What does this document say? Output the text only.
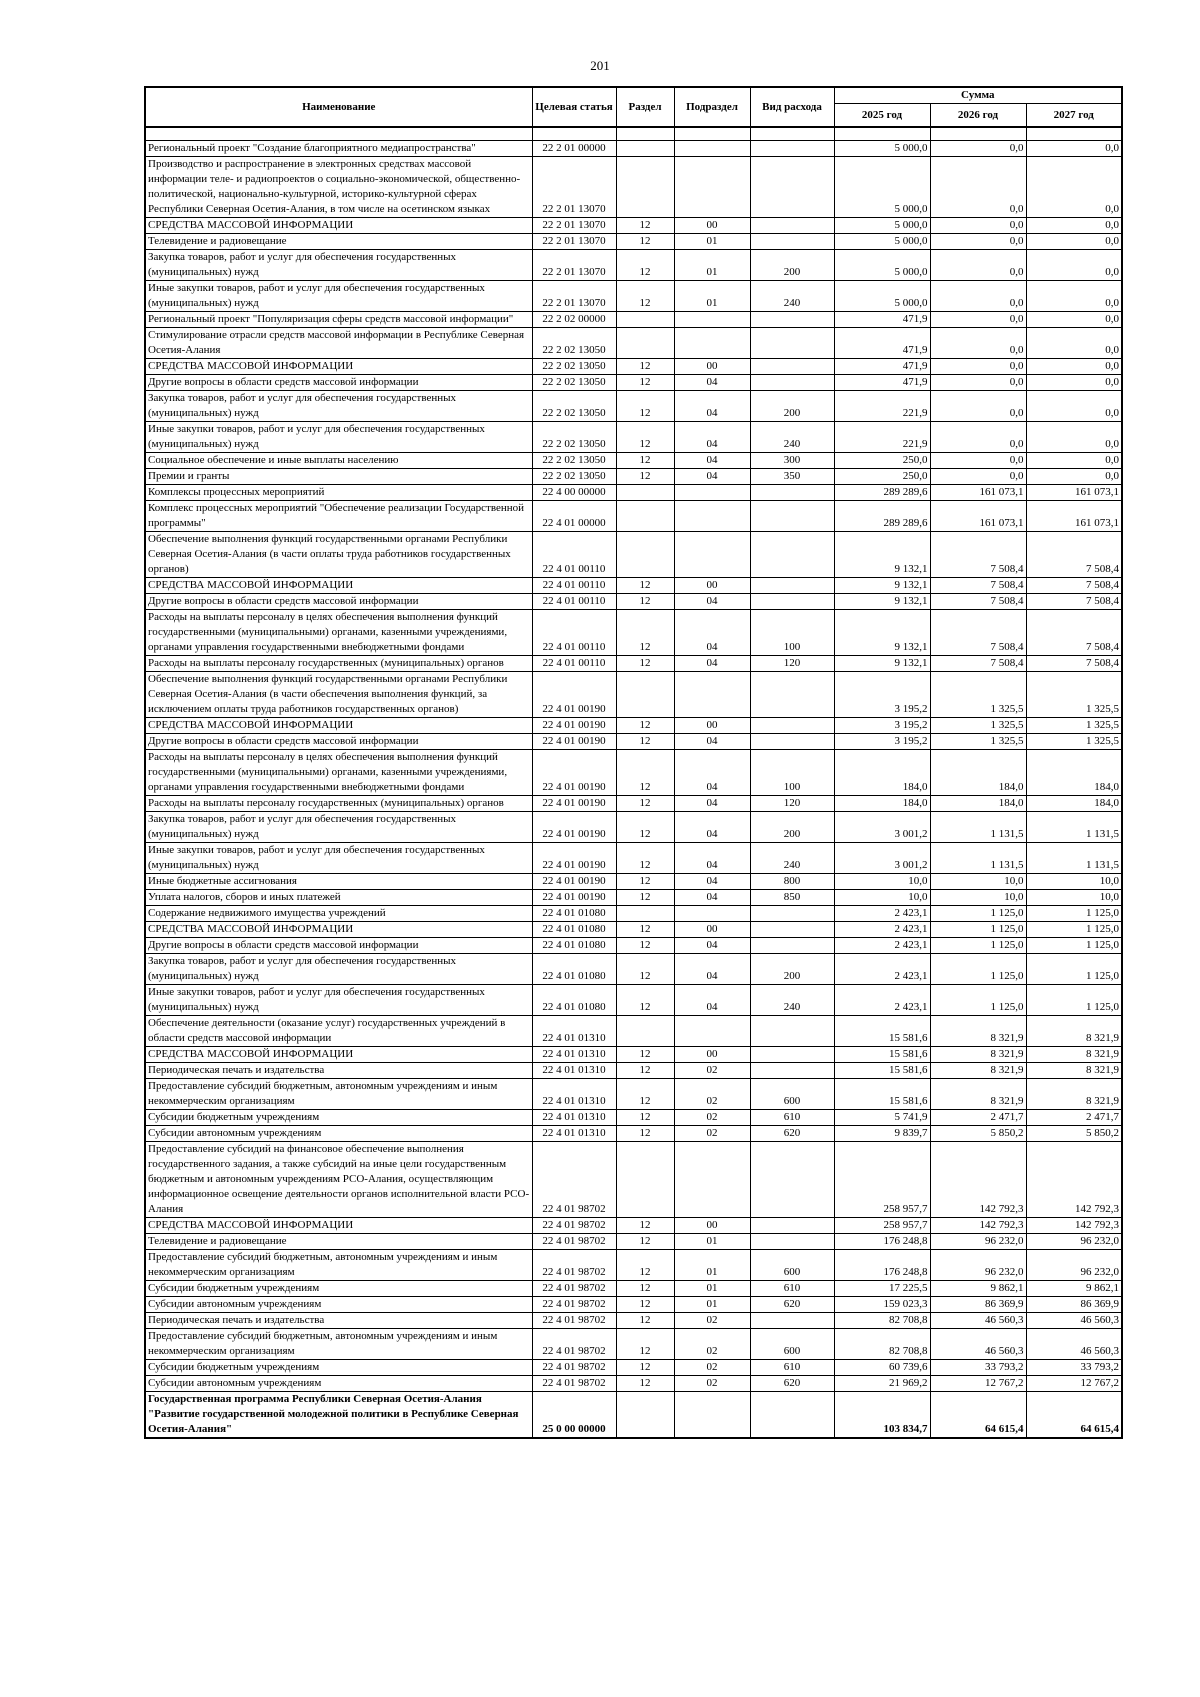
201
Наименование	Целевая статья	Раздел	Подраздел	Вид расхода	Сумма		
					2025 год	2026 год	2027 год

Региональный проект "Создание благоприятного медиапространства"	22 2 01 00000				5 000,0	0,0	0,0
Производство и распространение в электронных средствах массовой информации теле- и радиопроектов о социально-экономической, общественно-политической, национально-культурной, историко-культурной сферах Республики Северная Осетия-Алания, в том числе на осетинском языках	22 2 01 13070				5 000,0	0,0	0,0
СРЕДСТВА МАССОВОЙ ИНФОРМАЦИИ	22 2 01 13070	12	00		5 000,0	0,0	0,0
Телевидение и радиовещание	22 2 01 13070	12	01		5 000,0	0,0	0,0
Закупка товаров, работ и услуг для обеспечения государственных (муниципальных) нужд	22 2 01 13070	12	01	200	5 000,0	0,0	0,0
Иные закупки товаров, работ и услуг для обеспечения государственных (муниципальных) нужд	22 2 01 13070	12	01	240	5 000,0	0,0	0,0
Региональный проект "Популяризация сферы средств массовой информации"	22 2 02 00000				471,9	0,0	0,0
Стимулирование отрасли средств массовой информации в Республике Северная Осетия-Алания	22 2 02 13050				471,9	0,0	0,0
СРЕДСТВА МАССОВОЙ ИНФОРМАЦИИ	22 2 02 13050	12	00		471,9	0,0	0,0
Другие вопросы в области средств массовой информации	22 2 02 13050	12	04		471,9	0,0	0,0
Закупка товаров, работ и услуг для обеспечения государственных (муниципальных) нужд	22 2 02 13050	12	04	200	221,9	0,0	0,0
Иные закупки товаров, работ и услуг для обеспечения государственных (муниципальных) нужд	22 2 02 13050	12	04	240	221,9	0,0	0,0
Социальное обеспечение и иные выплаты населению	22 2 02 13050	12	04	300	250,0	0,0	0,0
Премии и гранты	22 2 02 13050	12	04	350	250,0	0,0	0,0
Комплексы процессных мероприятий	22 4 00 00000				289 289,6	161 073,1	161 073,1
Комплекс процессных мероприятий "Обеспечение реализации Государственной программы"	22 4 01 00000				289 289,6	161 073,1	161 073,1
Обеспечение выполнения функций государственными органами Республики Северная Осетия-Алания (в части оплаты труда работников государственных органов)	22 4 01 00110				9 132,1	7 508,4	7 508,4
СРЕДСТВА МАССОВОЙ ИНФОРМАЦИИ	22 4 01 00110	12	00		9 132,1	7 508,4	7 508,4
Другие вопросы в области средств массовой информации	22 4 01 00110	12	04		9 132,1	7 508,4	7 508,4
Расходы на выплаты персоналу в целях обеспечения выполнения функций государственными (муниципальными) органами, казенными учреждениями, органами управления государственными внебюджетными фондами	22 4 01 00110	12	04	100	9 132,1	7 508,4	7 508,4
Расходы на выплаты персоналу государственных (муниципальных) органов	22 4 01 00110	12	04	120	9 132,1	7 508,4	7 508,4
Обеспечение выполнения функций государственными органами Республики Северная Осетия-Алания (в части обеспечения выполнения функций, за исключением оплаты труда работников государственных органов)	22 4 01 00190				3 195,2	1 325,5	1 325,5
СРЕДСТВА МАССОВОЙ ИНФОРМАЦИИ	22 4 01 00190	12	00		3 195,2	1 325,5	1 325,5
Другие вопросы в области средств массовой информации	22 4 01 00190	12	04		3 195,2	1 325,5	1 325,5
Расходы на выплаты персоналу в целях обеспечения выполнения функций государственными (муниципальными) органами, казенными учреждениями, органами управления государственными внебюджетными фондами	22 4 01 00190	12	04	100	184,0	184,0	184,0
Расходы на выплаты персоналу государственных (муниципальных) органов	22 4 01 00190	12	04	120	184,0	184,0	184,0
Закупка товаров, работ и услуг для обеспечения государственных (муниципальных) нужд	22 4 01 00190	12	04	200	3 001,2	1 131,5	1 131,5
Иные закупки товаров, работ и услуг для обеспечения государственных (муниципальных) нужд	22 4 01 00190	12	04	240	3 001,2	1 131,5	1 131,5
Иные бюджетные ассигнования	22 4 01 00190	12	04	800	10,0	10,0	10,0
Уплата налогов, сборов и иных платежей	22 4 01 00190	12	04	850	10,0	10,0	10,0
Содержание недвижимого имущества учреждений	22 4 01 01080				2 423,1	1 125,0	1 125,0
СРЕДСТВА МАССОВОЙ ИНФОРМАЦИИ	22 4 01 01080	12	00		2 423,1	1 125,0	1 125,0
Другие вопросы в области средств массовой информации	22 4 01 01080	12	04		2 423,1	1 125,0	1 125,0
Закупка товаров, работ и услуг для обеспечения государственных (муниципальных) нужд	22 4 01 01080	12	04	200	2 423,1	1 125,0	1 125,0
Иные закупки товаров, работ и услуг для обеспечения государственных (муниципальных) нужд	22 4 01 01080	12	04	240	2 423,1	1 125,0	1 125,0
Обеспечение деятельности (оказание услуг) государственных учреждений в области средств массовой информации	22 4 01 01310				15 581,6	8 321,9	8 321,9
СРЕДСТВА МАССОВОЙ ИНФОРМАЦИИ	22 4 01 01310	12	00		15 581,6	8 321,9	8 321,9
Периодическая печать и издательства	22 4 01 01310	12	02		15 581,6	8 321,9	8 321,9
Предоставление субсидий бюджетным, автономным учреждениям и иным некоммерческим организациям	22 4 01 01310	12	02	600	15 581,6	8 321,9	8 321,9
Субсидии бюджетным учреждениям	22 4 01 01310	12	02	610	5 741,9	2 471,7	2 471,7
Субсидии автономным учреждениям	22 4 01 01310	12	02	620	9 839,7	5 850,2	5 850,2
Предоставление субсидий на финансовое обеспечение выполнения государственного задания, а также субсидий на иные цели государственным бюджетным и автономным учреждениям РСО-Алания, осуществляющим информационное освещение деятельности органов исполнительной власти РСО-Алания	22 4 01 98702				258 957,7	142 792,3	142 792,3
СРЕДСТВА МАССОВОЙ ИНФОРМАЦИИ	22 4 01 98702	12	00		258 957,7	142 792,3	142 792,3
Телевидение и радиовещание	22 4 01 98702	12	01		176 248,8	96 232,0	96 232,0
Предоставление субсидий бюджетным, автономным учреждениям и иным некоммерческим организациям	22 4 01 98702	12	01	600	176 248,8	96 232,0	96 232,0
Субсидии бюджетным учреждениям	22 4 01 98702	12	01	610	17 225,5	9 862,1	9 862,1
Субсидии автономным учреждениям	22 4 01 98702	12	01	620	159 023,3	86 369,9	86 369,9
Периодическая печать и издательства	22 4 01 98702	12	02		82 708,8	46 560,3	46 560,3
Предоставление субсидий бюджетным, автономным учреждениям и иным некоммерческим организациям	22 4 01 98702	12	02	600	82 708,8	46 560,3	46 560,3
Субсидии бюджетным учреждениям	22 4 01 98702	12	02	610	60 739,6	33 793,2	33 793,2
Субсидии автономным учреждениям	22 4 01 98702	12	02	620	21 969,2	12 767,2	12 767,2
Государственная программа Республики Северная Осетия-Алания "Развитие государственной молодежной политики в Республике Северная Осетия-Алания"	25 0 00 00000				103 834,7	64 615,4	64 615,4
